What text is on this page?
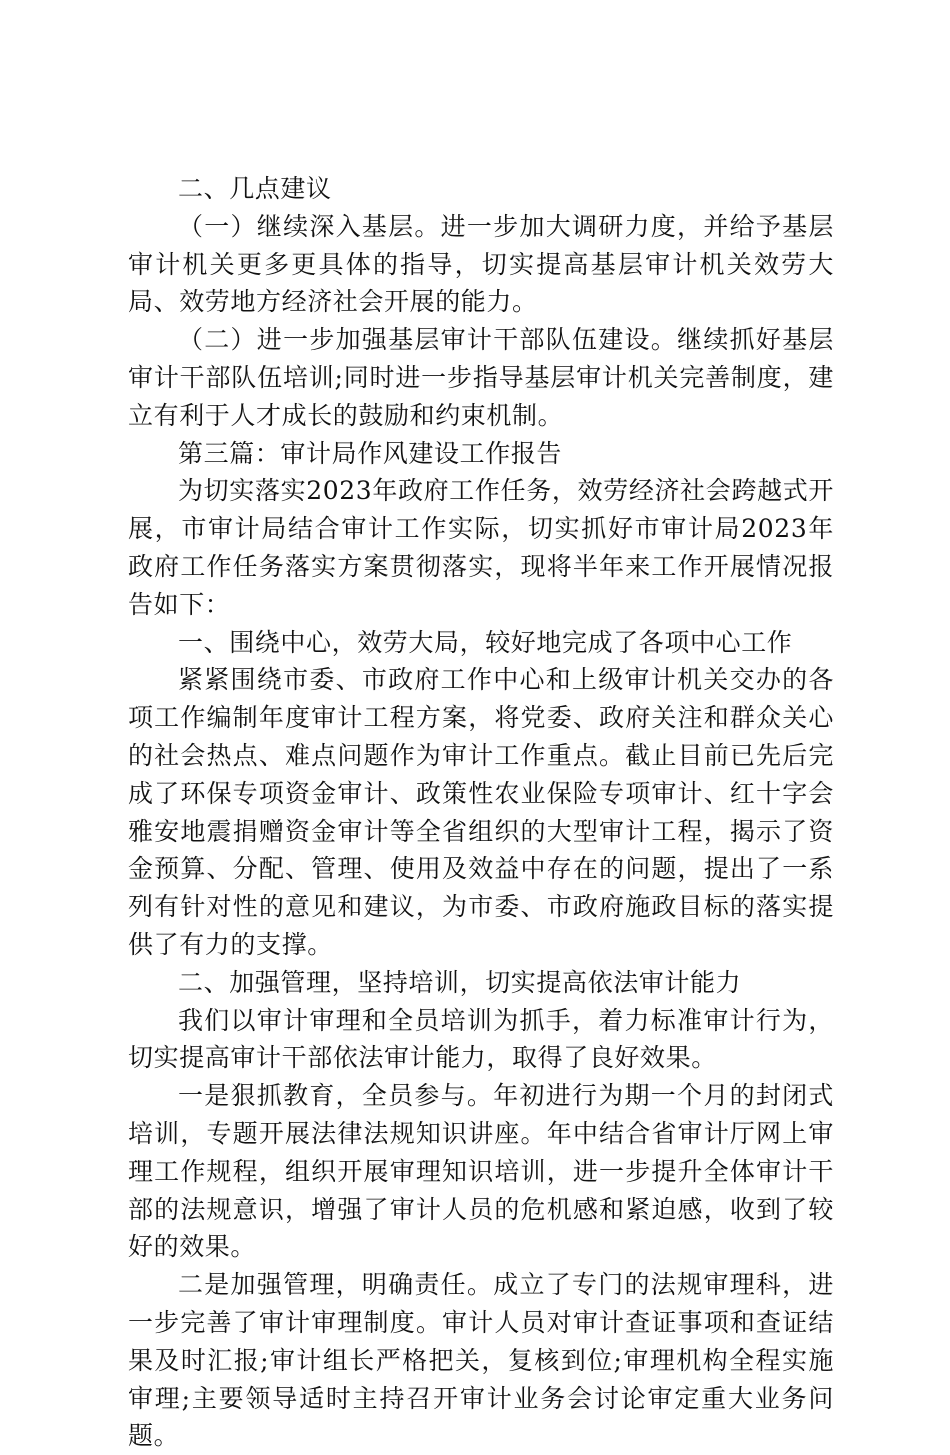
二、几点建议

（一）继续深入基层。进一步加大调研力度，并给予基层审计机关更多更具体的指导，切实提高基层审计机关效劳大局、效劳地方经济社会开展的能力。

（二）进一步加强基层审计干部队伍建设。继续抓好基层审计干部队伍培训;同时进一步指导基层审计机关完善制度，建立有利于人才成长的鼓励和约束机制。

第三篇：审计局作风建设工作报告

为切实落实2023年政府工作任务，效劳经济社会跨越式开展，市审计局结合审计工作实际，切实抓好市审计局2023年政府工作任务落实方案贯彻落实，现将半年来工作开展情况报告如下：

一、围绕中心，效劳大局，较好地完成了各项中心工作

紧紧围绕市委、市政府工作中心和上级审计机关交办的各项工作编制年度审计工程方案，将党委、政府关注和群众关心的社会热点、难点问题作为审计工作重点。截止目前已先后完成了环保专项资金审计、政策性农业保险专项审计、红十字会雅安地震捐赠资金审计等全省组织的大型审计工程，揭示了资金预算、分配、管理、使用及效益中存在的问题，提出了一系列有针对性的意见和建议，为市委、市政府施政目标的落实提供了有力的支撑。

二、加强管理，坚持培训，切实提高依法审计能力

我们以审计审理和全员培训为抓手，着力标准审计行为，切实提高审计干部依法审计能力，取得了良好效果。

一是狠抓教育，全员参与。年初进行为期一个月的封闭式培训，专题开展法律法规知识讲座。年中结合省审计厅网上审理工作规程，组织开展审理知识培训，进一步提升全体审计干部的法规意识，增强了审计人员的危机感和紧迫感，收到了较好的效果。

二是加强管理，明确责任。成立了专门的法规审理科，进一步完善了审计审理制度。审计人员对审计查证事项和查证结果及时汇报;审计组长严格把关，复核到位;审理机构全程实施审理;主要领导适时主持召开审计业务会讨论审定重大业务问题。
